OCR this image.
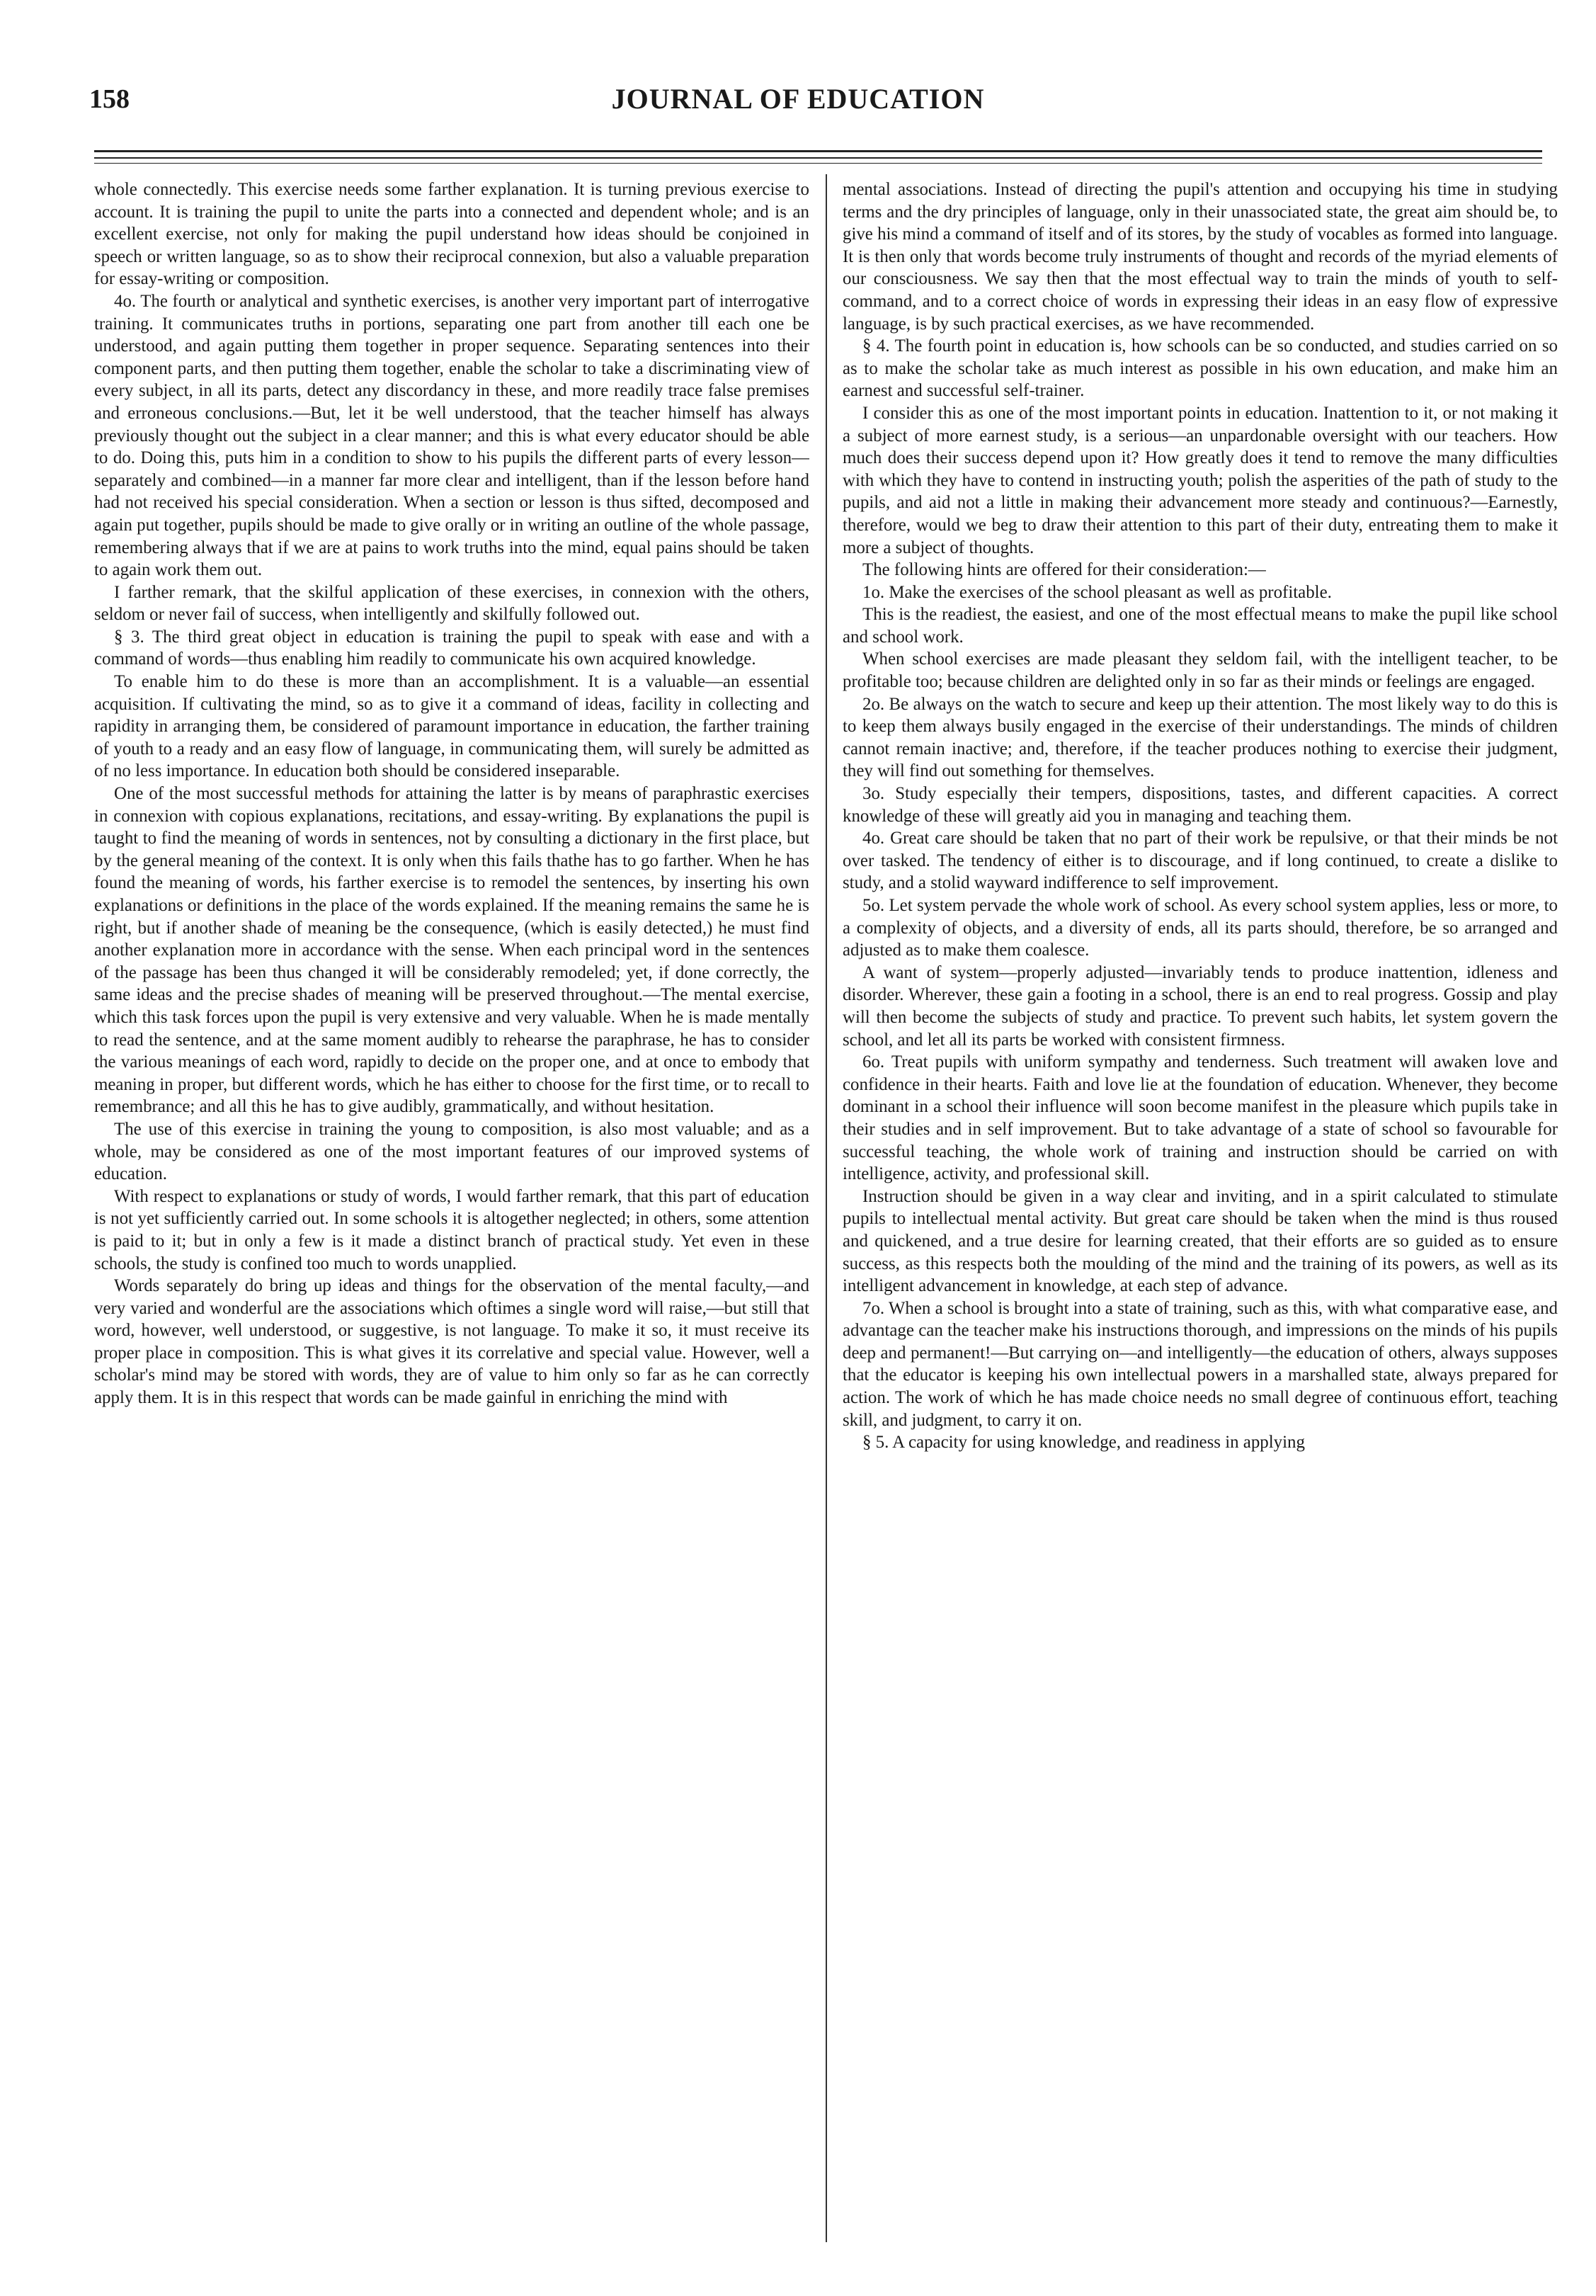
158	JOURNAL OF EDUCATION

whole connectedly. This exercise needs some farther explanation. It is turning previous exercise to account. It is training the pupil to unite the parts into a connected and dependent whole; and is an excellent exercise, not only for making the pupil understand how ideas should be conjoined in speech or written language, so as to show their reciprocal connexion, but also a valuable preparation for essay-writing or composition.

4o. The fourth or analytical and synthetic exercises, is another very important part of interrogative training. It communicates truths in portions, separating one part from another till each one be understood, and again putting them together in proper sequence. Separating sentences into their component parts, and then putting them together, enable the scholar to take a discriminating view of every subject, in all its parts, detect any discordancy in these, and more readily trace false premises and erroneous conclusions.—But, let it be well understood, that the teacher himself has always previously thought out the subject in a clear manner; and this is what every educator should be able to do. Doing this, puts him in a condition to show to his pupils the different parts of every lesson—separately and combined—in a manner far more clear and intelligent, than if the lesson before hand had not received his special consideration. When a section or lesson is thus sifted, decomposed and again put together, pupils should be made to give orally or in writing an outline of the whole passage, remembering always that if we are at pains to work truths into the mind, equal pains should be taken to again work them out.

I farther remark, that the skilful application of these exercises, in connexion with the others, seldom or never fail of success, when intelligently and skilfully followed out.

§ 3. The third great object in education is training the pupil to speak with ease and with a command of words—thus enabling him readily to communicate his own acquired knowledge.

To enable him to do these is more than an accomplishment. It is a valuable—an essential acquisition. If cultivating the mind, so as to give it a command of ideas, facility in collecting and rapidity in arranging them, be considered of paramount importance in education, the farther training of youth to a ready and an easy flow of language, in communicating them, will surely be admitted as of no less importance. In education both should be considered inseparable.

One of the most successful methods for attaining the latter is by means of paraphrastic exercises in connexion with copious explanations, recitations, and essay-writing. By explanations the pupil is taught to find the meaning of words in sentences, not by consulting a dictionary in the first place, but by the general meaning of the context. It is only when this fails thathe has to go farther. When he has found the meaning of words, his farther exercise is to remodel the sentences, by inserting his own explanations or definitions in the place of the words explained. If the meaning remains the same he is right, but if another shade of meaning be the consequence, (which is easily detected,) he must find another explanation more in accordance with the sense. When each principal word in the sentences of the passage has been thus changed it will be considerably remodeled; yet, if done correctly, the same ideas and the precise shades of meaning will be preserved throughout.—The mental exercise, which this task forces upon the pupil is very extensive and very valuable. When he is made mentally to read the sentence, and at the same moment audibly to rehearse the paraphrase, he has to consider the various meanings of each word, rapidly to decide on the proper one, and at once to embody that meaning in proper, but different words, which he has either to choose for the first time, or to recall to remembrance; and all this he has to give audibly, grammatically, and without hesitation.

The use of this exercise in training the young to composition, is also most valuable; and as a whole, may be considered as one of the most important features of our improved systems of education.

With respect to explanations or study of words, I would farther remark, that this part of education is not yet sufficiently carried out. In some schools it is altogether neglected; in others, some attention is paid to it; but in only a few is it made a distinct branch of practical study. Yet even in these schools, the study is confined too much to words unapplied.

Words separately do bring up ideas and things for the observation of the mental faculty,—and very varied and wonderful are the associations which oftimes a single word will raise,—but still that word, however, well understood, or suggestive, is not language. To make it so, it must receive its proper place in composition. This is what gives it its correlative and special value. However, well a scholar's mind may be stored with words, they are of value to him only so far as he can correctly apply them. It is in this respect that words can be made gainful in enriching the mind with

mental associations. Instead of directing the pupil's attention and occupying his time in studying terms and the dry principles of language, only in their unassociated state, the great aim should be, to give his mind a command of itself and of its stores, by the study of vocables as formed into language. It is then only that words become truly instruments of thought and records of the myriad elements of our consciousness. We say then that the most effectual way to train the minds of youth to self-command, and to a correct choice of words in expressing their ideas in an easy flow of expressive language, is by such practical exercises, as we have recommended.

§ 4. The fourth point in education is, how schools can be so conducted, and studies carried on so as to make the scholar take as much interest as possible in his own education, and make him an earnest and successful self-trainer.

I consider this as one of the most important points in education. Inattention to it, or not making it a subject of more earnest study, is a serious—an unpardonable oversight with our teachers. How much does their success depend upon it? How greatly does it tend to remove the many difficulties with which they have to contend in instructing youth; polish the asperities of the path of study to the pupils, and aid not a little in making their advancement more steady and continuous?—Earnestly, therefore, would we beg to draw their attention to this part of their duty, entreating them to make it more a subject of thoughts.

The following hints are offered for their consideration:—

1o. Make the exercises of the school pleasant as well as profitable.

This is the readiest, the easiest, and one of the most effectual means to make the pupil like school and school work.

When school exercises are made pleasant they seldom fail, with the intelligent teacher, to be profitable too; because children are delighted only in so far as their minds or feelings are engaged.

2o. Be always on the watch to secure and keep up their attention. The most likely way to do this is to keep them always busily engaged in the exercise of their understandings. The minds of children cannot remain inactive; and, therefore, if the teacher produces nothing to exercise their judgment, they will find out something for themselves.

3o. Study especially their tempers, dispositions, tastes, and different capacities. A correct knowledge of these will greatly aid you in managing and teaching them.

4o. Great care should be taken that no part of their work be repulsive, or that their minds be not over tasked. The tendency of either is to discourage, and if long continued, to create a dislike to study, and a stolid wayward indifference to self improvement.

5o. Let system pervade the whole work of school. As every school system applies, less or more, to a complexity of objects, and a diversity of ends, all its parts should, therefore, be so arranged and adjusted as to make them coalesce.

A want of system—properly adjusted—invariably tends to produce inattention, idleness and disorder. Wherever, these gain a footing in a school, there is an end to real progress. Gossip and play will then become the subjects of study and practice. To prevent such habits, let system govern the school, and let all its parts be worked with consistent firmness.

6o. Treat pupils with uniform sympathy and tenderness. Such treatment will awaken love and confidence in their hearts. Faith and love lie at the foundation of education. Whenever, they become dominant in a school their influence will soon become manifest in the pleasure which pupils take in their studies and in self improvement. But to take advantage of a state of school so favourable for successful teaching, the whole work of training and instruction should be carried on with intelligence, activity, and professional skill.

Instruction should be given in a way clear and inviting, and in a spirit calculated to stimulate pupils to intellectual mental activity. But great care should be taken when the mind is thus roused and quickened, and a true desire for learning created, that their efforts are so guided as to ensure success, as this respects both the moulding of the mind and the training of its powers, as well as its intelligent advancement in knowledge, at each step of advance.

7o. When a school is brought into a state of training, such as this, with what comparative ease, and advantage can the teacher make his instructions thorough, and impressions on the minds of his pupils deep and permanent!—But carrying on—and intelligently—the education of others, always supposes that the educator is keeping his own intellectual powers in a marshalled state, always prepared for action. The work of which he has made choice needs no small degree of continuous effort, teaching skill, and judgment, to carry it on.

§ 5. A capacity for using knowledge, and readiness in applying
